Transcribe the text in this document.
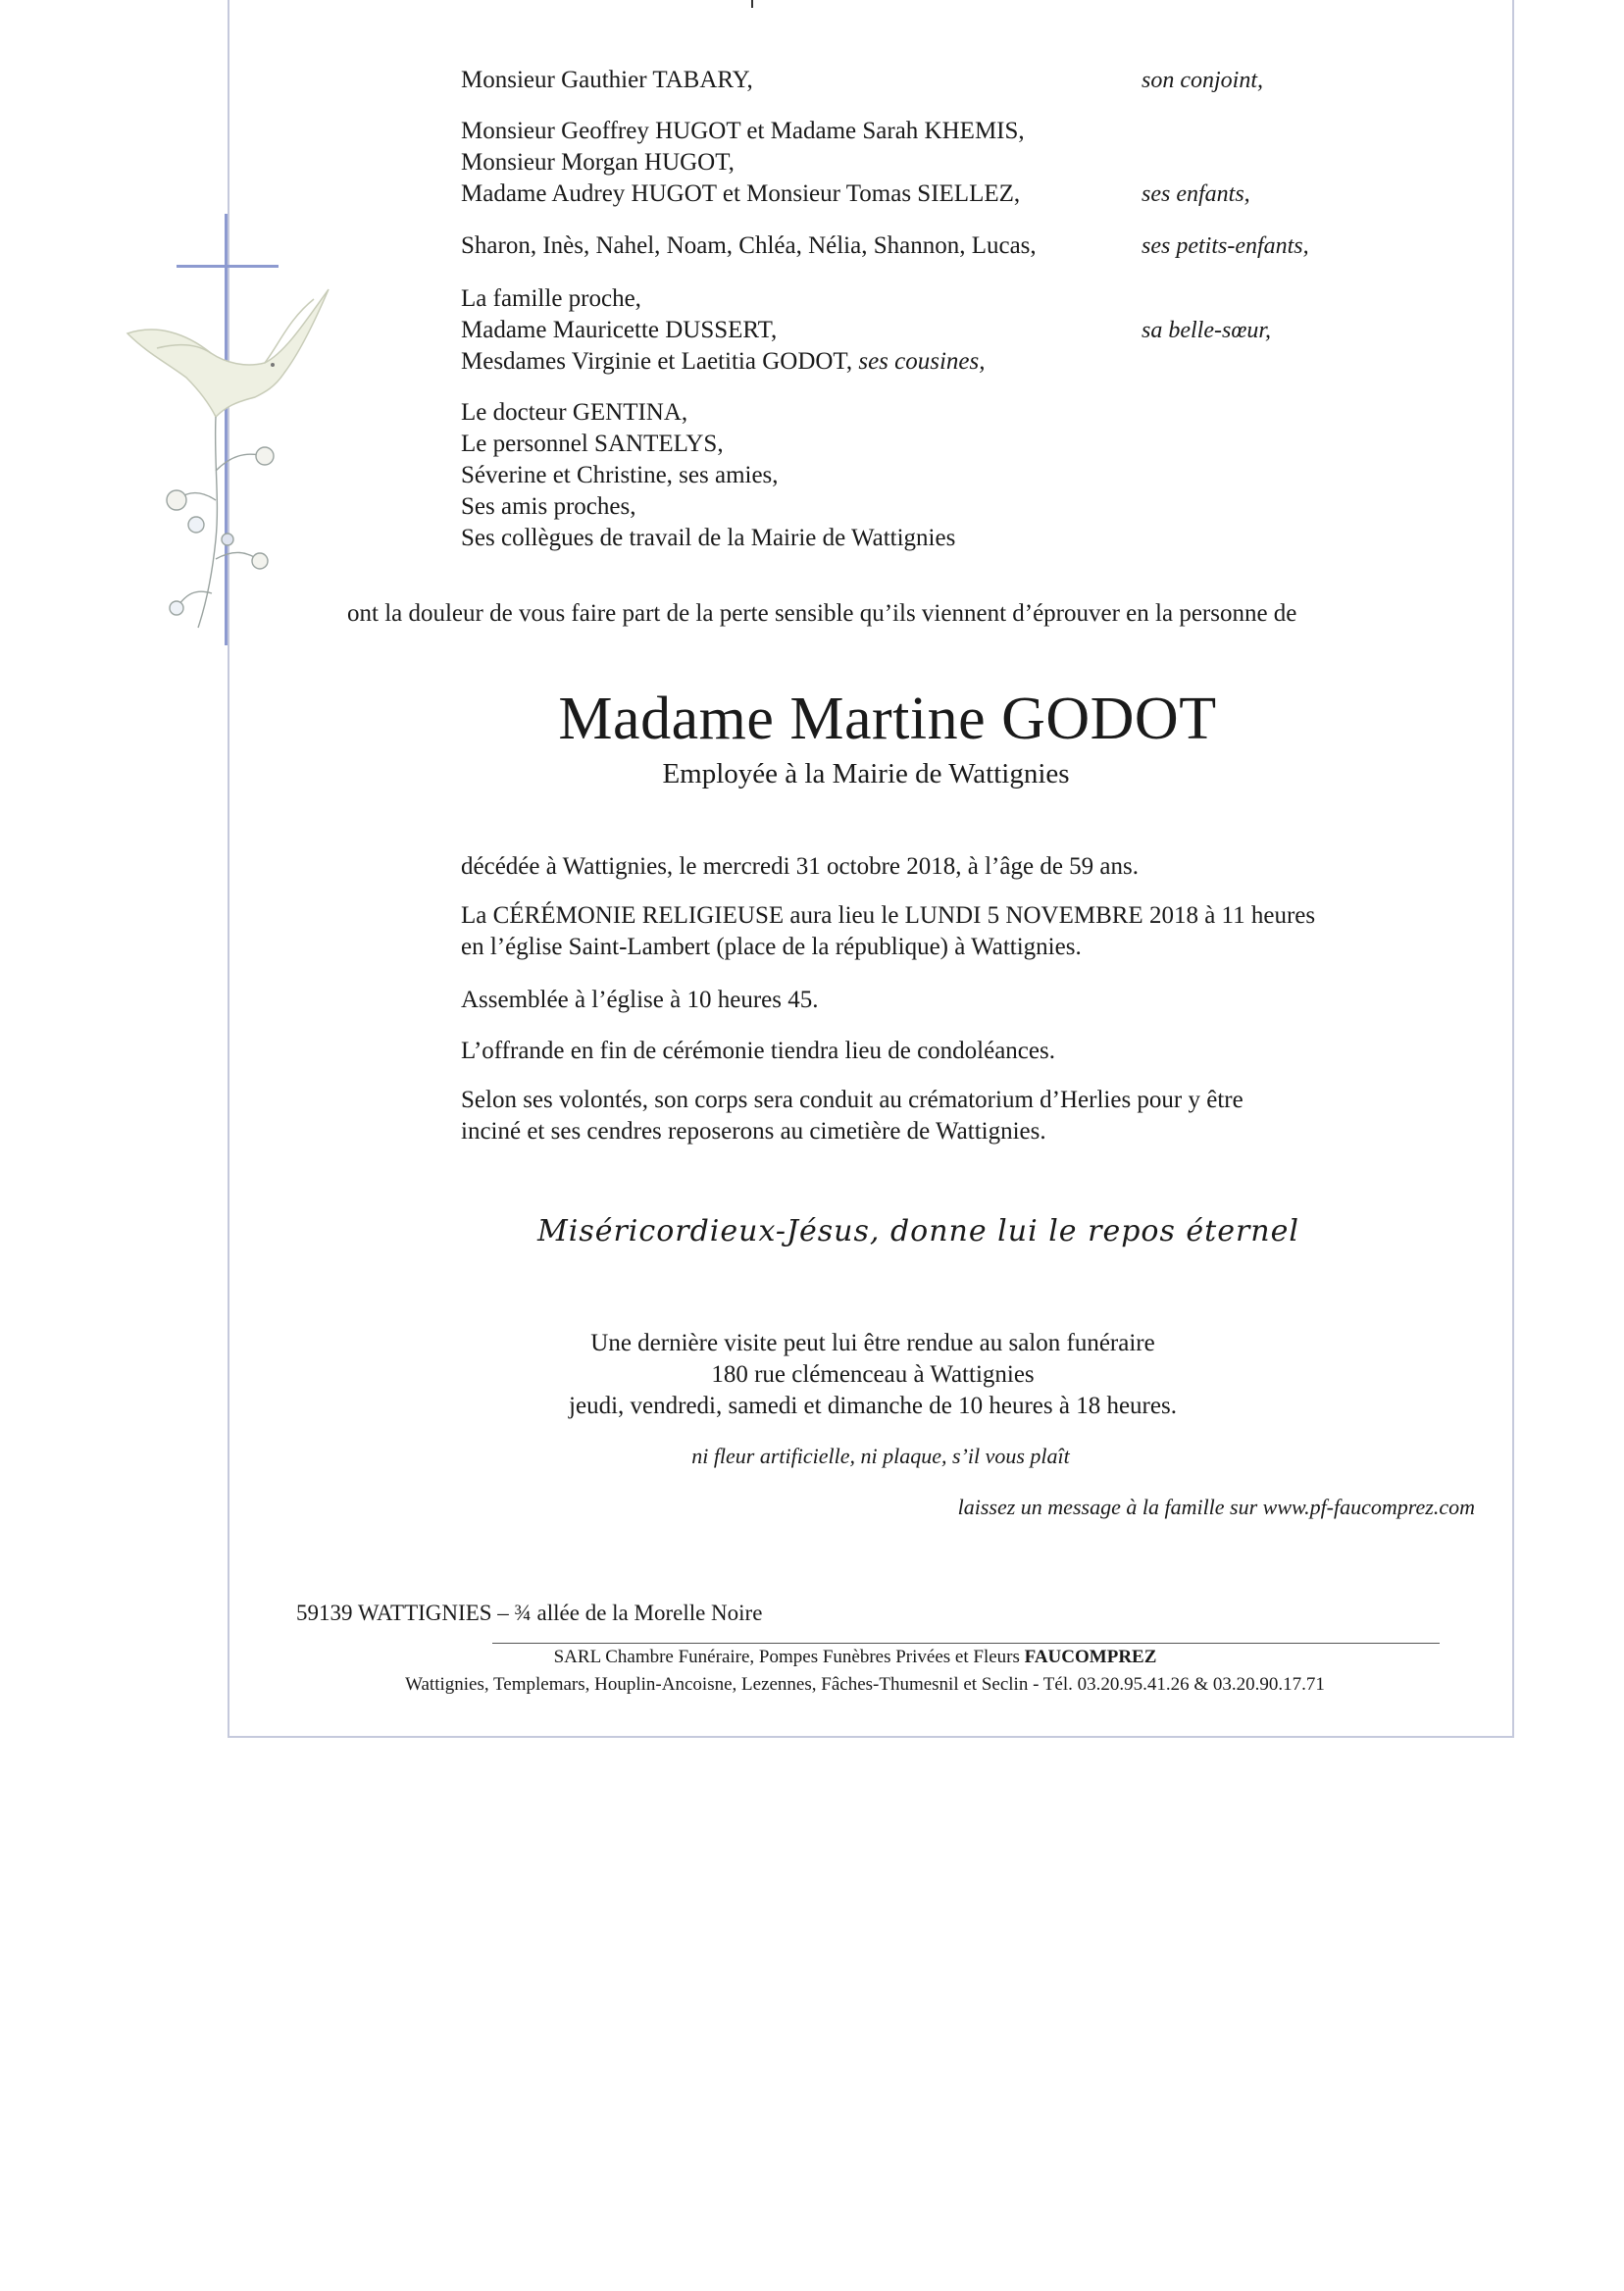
Monsieur Gauthier TABARY,	son conjoint,
Monsieur Geoffrey HUGOT et Madame Sarah KHEMIS,
Monsieur Morgan HUGOT,
Madame Audrey HUGOT et Monsieur Tomas SIELLEZ,	ses enfants,
Sharon, Inès, Nahel, Noam, Chléa, Nélia, Shannon, Lucas,	ses petits-enfants,
La famille proche,
Madame Mauricette DUSSERT,	sa belle-sœur,
Mesdames Virginie et Laetitia GODOT, ses cousines,
Le docteur GENTINA,
Le personnel SANTELYS,
Séverine et Christine, ses amies,
Ses amis proches,
Ses collègues de travail de la Mairie de Wattignies
ont la douleur de vous faire part de la perte sensible qu’ils viennent d’éprouver en la personne de
Madame Martine GODOT
Employée à la Mairie de Wattignies
décédée à Wattignies, le mercredi 31 octobre 2018, à l’âge de 59 ans.
La CÉRÉMONIE RELIGIEUSE aura lieu le LUNDI 5 NOVEMBRE 2018 à 11 heures
en l’église Saint-Lambert (place de la république) à Wattignies.
Assemblée à l’église à 10 heures 45.
L’offrande en fin de cérémonie tiendra lieu de condoléances.
Selon ses volontés, son corps sera conduit au crématorium d’Herlies pour y être
inciné et ses cendres reposerons au cimetière de Wattignies.
Miséricordieux-Jésus, donne lui le repos éternel
Une dernière visite peut lui être rendue au salon funéraire
180 rue clémenceau à Wattignies
jeudi, vendredi, samedi et dimanche de 10 heures à 18 heures.
ni fleur artificielle, ni plaque, s’il vous plaît
laissez un message à la famille sur www.pf-faucomprez.com
59139 WATTIGNIES – ¾ allée de la Morelle Noire
SARL Chambre Funéraire, Pompes Funèbres Privées et Fleurs FAUCOMPREZ
Wattignies, Templemars, Houplin-Ancoisne, Lezennes, Fâches-Thumesnil et Seclin - Tél. 03.20.95.41.26 & 03.20.90.17.71
